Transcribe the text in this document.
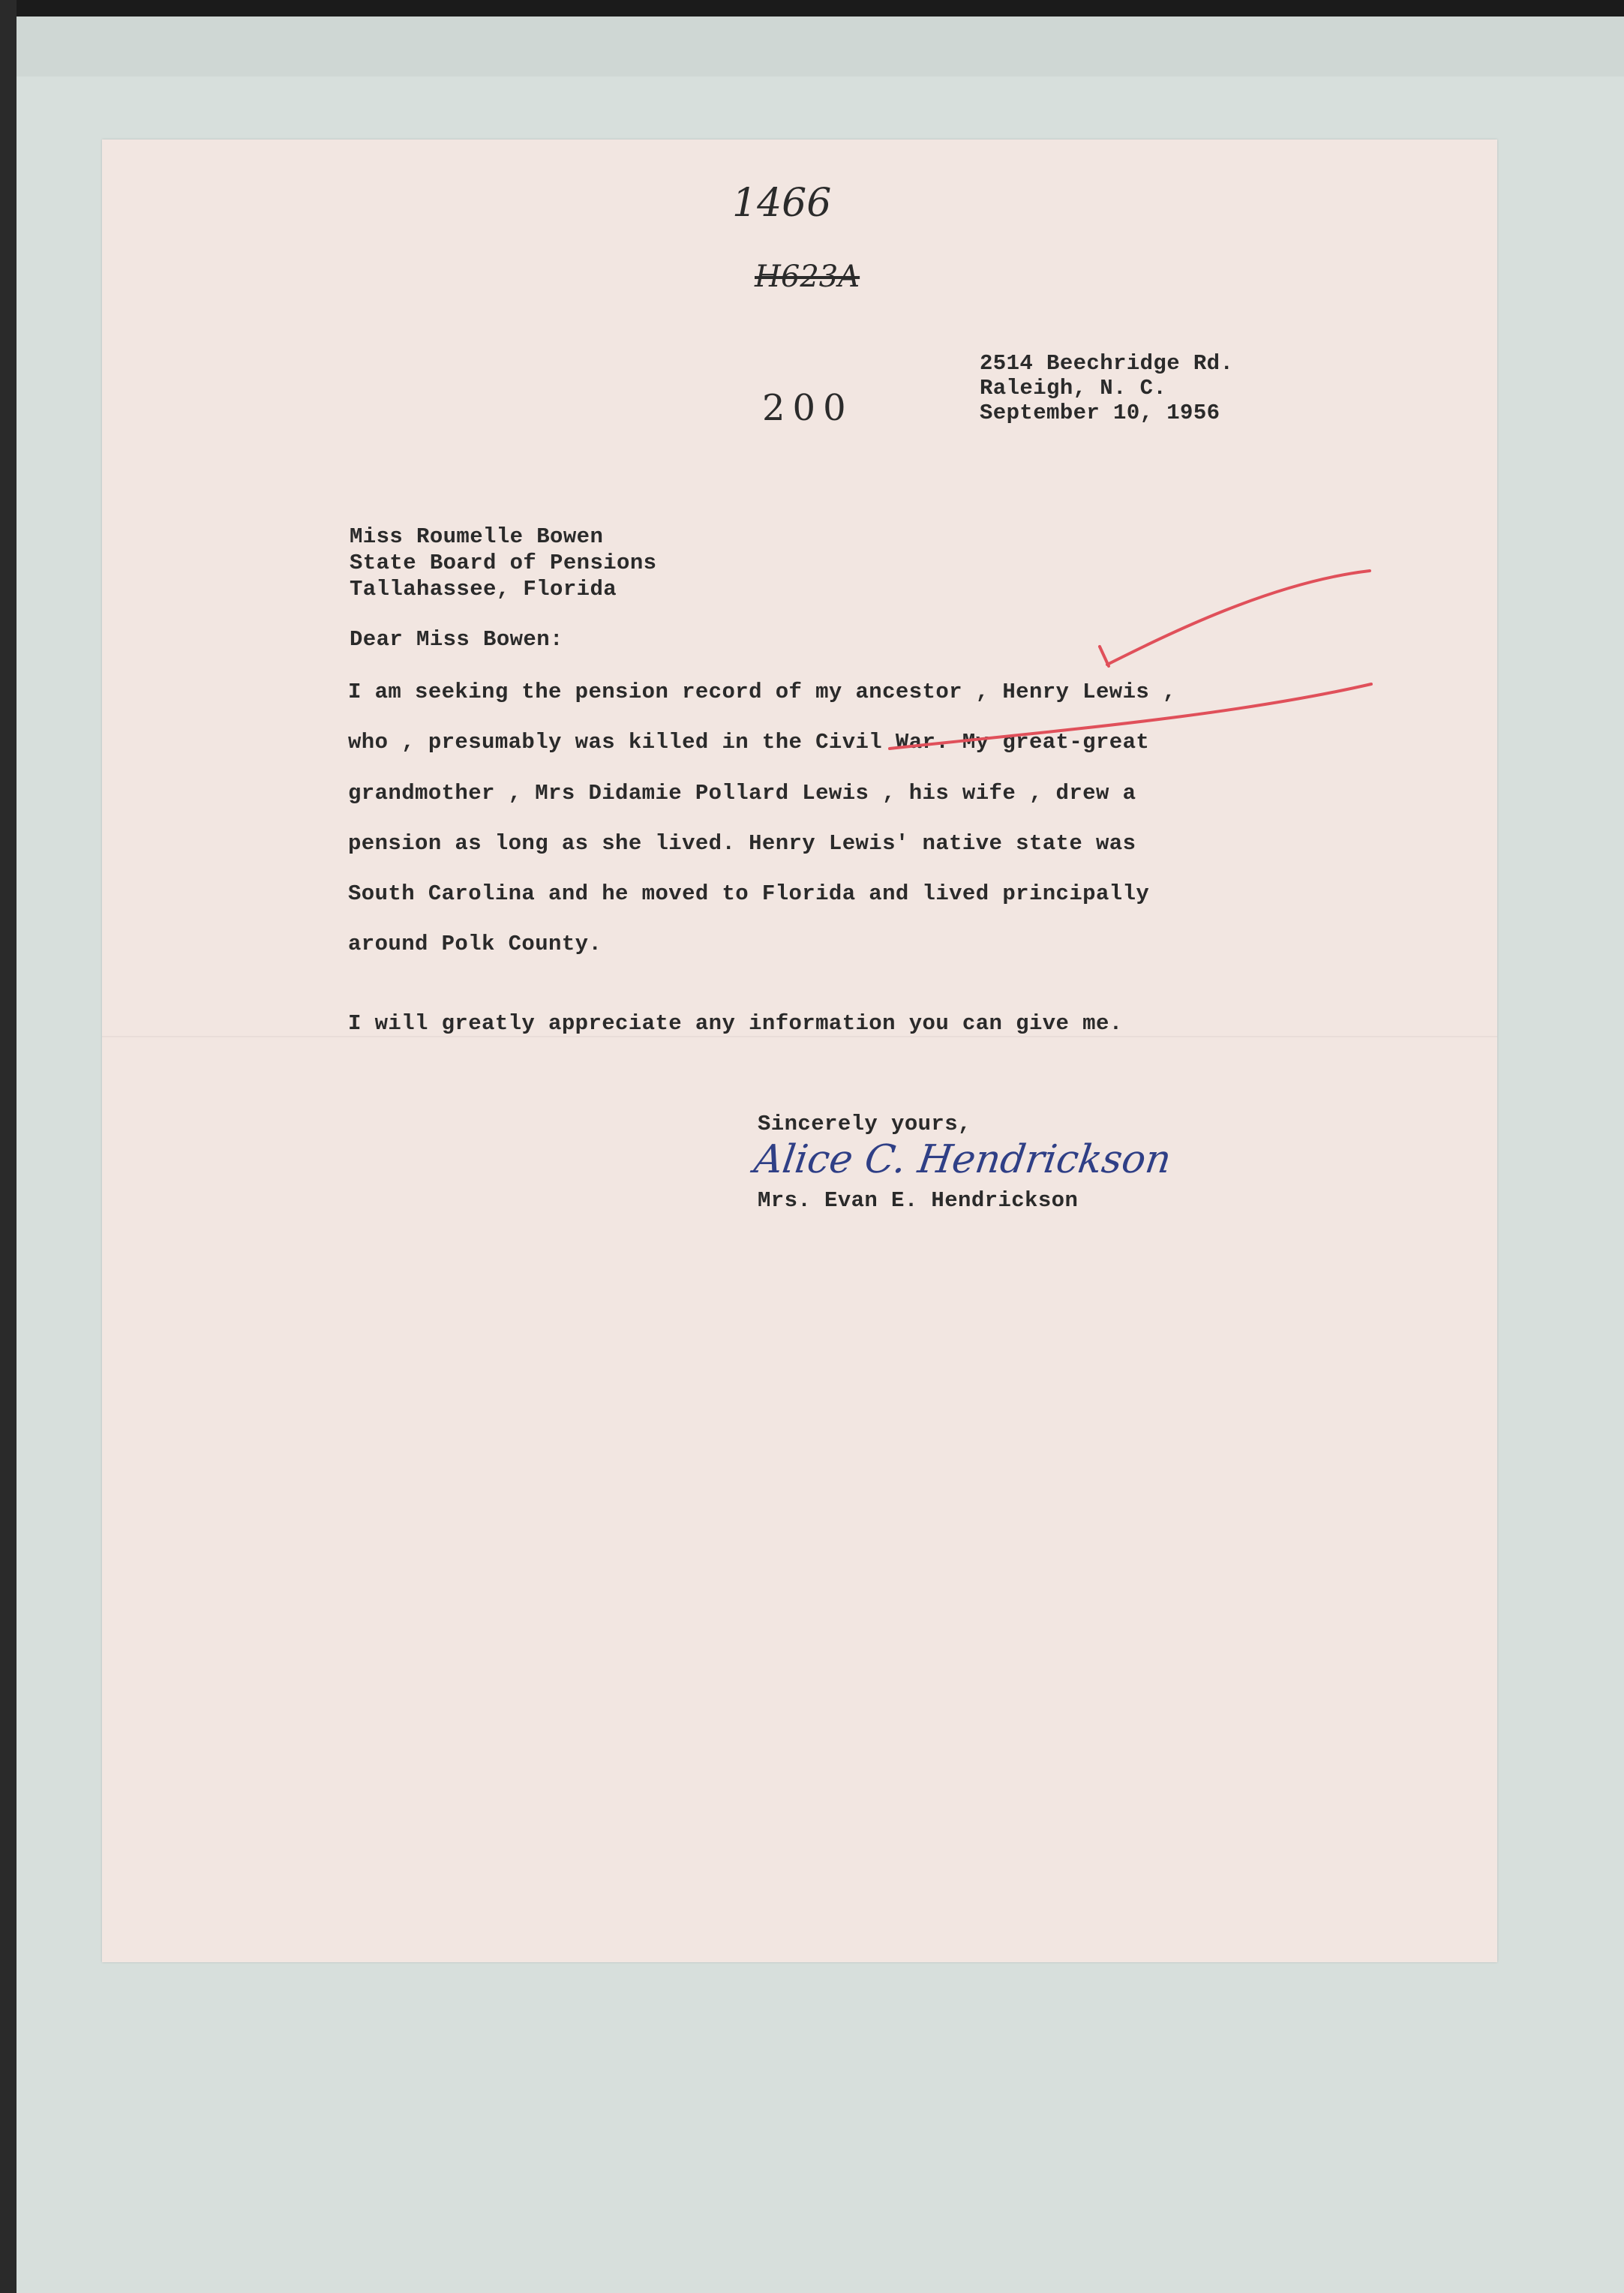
1466
H623A
200
2514 Beechridge Rd.
Raleigh, N. C.
September 10, 1956
Miss Roumelle Bowen
State Board of Pensions
Tallahassee, Florida
Dear Miss Bowen:
I am seeking the pension record of my ancestor , Henry Lewis ,
who , presumably was killed in the Civil War. My great-great
grandmother , Mrs Didamie Pollard Lewis , his wife , drew a
pension as long as she lived. Henry Lewis' native state was
South Carolina and he moved to Florida and lived principally
around Polk County.
I will greatly appreciate any information you can give me.
Sincerely yours,
Alice C. Hendrickson
Mrs. Evan E. Hendrickson
